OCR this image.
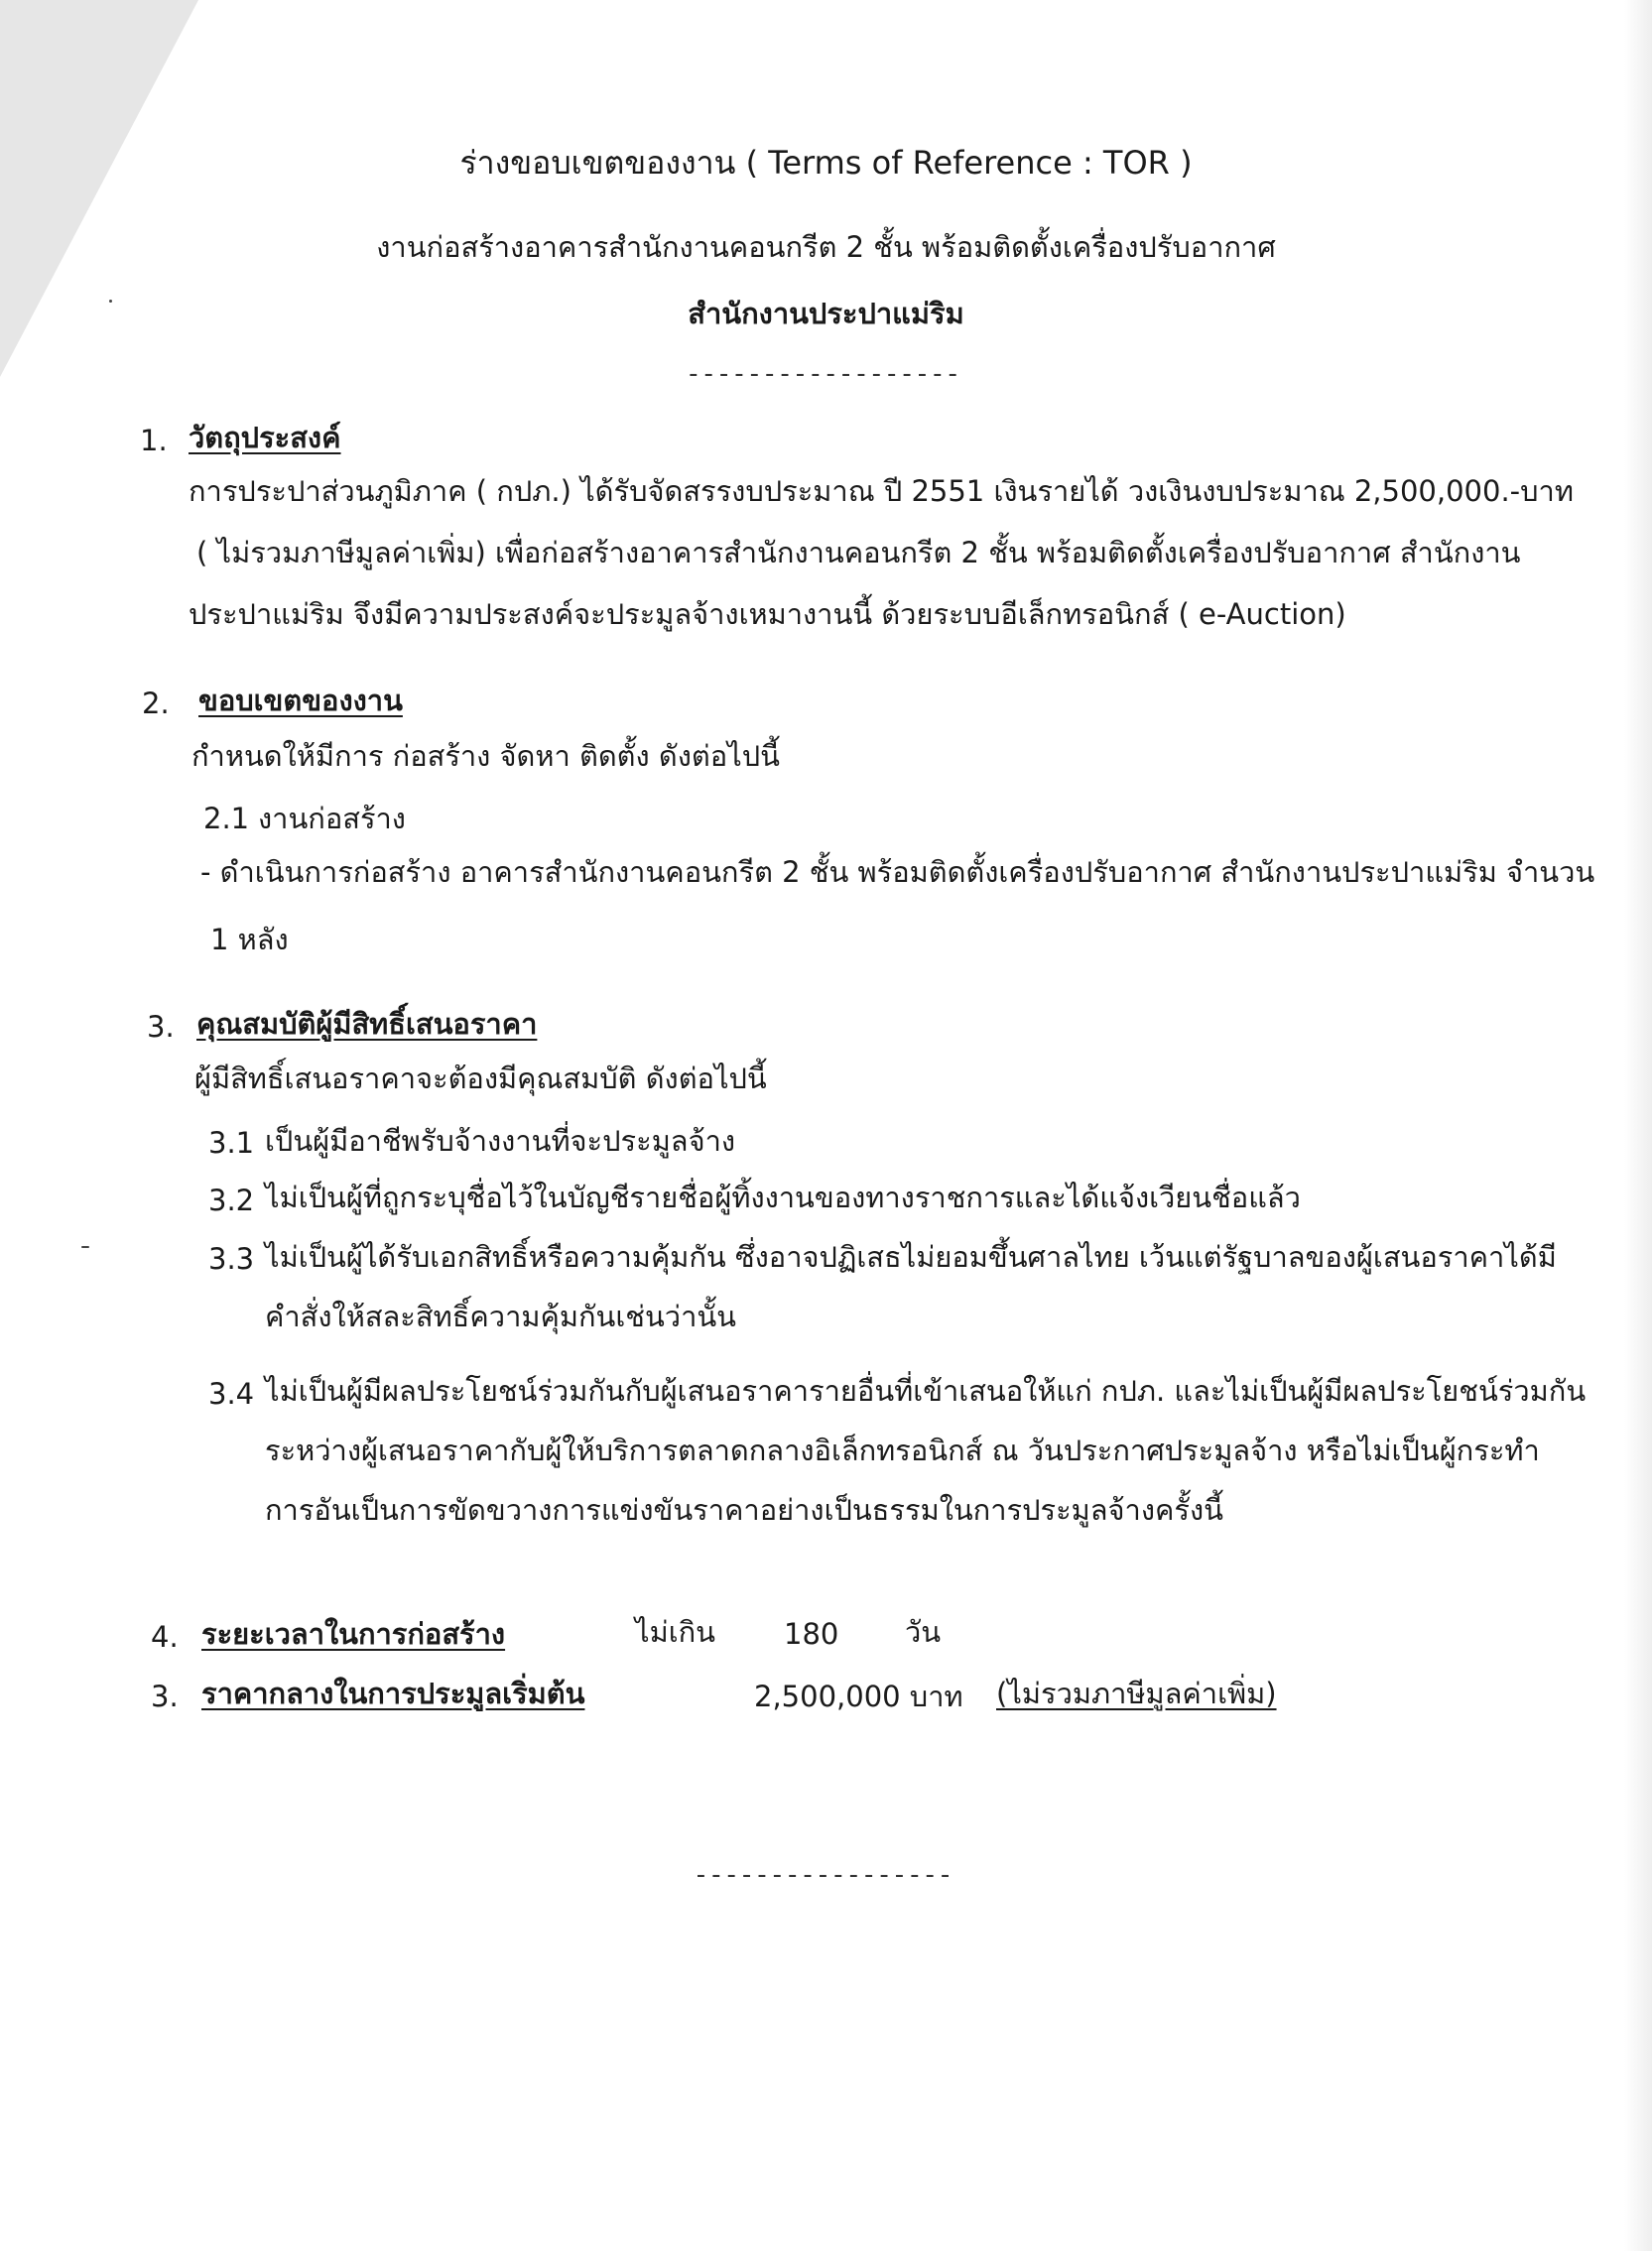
ร่างขอบเขตของงาน ( Terms of Reference : TOR )
งานก่อสร้างอาคารสำนักงานคอนกรีต 2 ชั้น พร้อมติดตั้งเครื่องปรับอากาศ
สำนักงานประปาแม่ริม
------------------
1. วัตถุประสงค์
การประปาส่วนภูมิภาค ( กปภ.) ได้รับจัดสรรงบประมาณ ปี 2551 เงินรายได้ วงเงินงบประมาณ 2,500,000.-บาท
( ไม่รวมภาษีมูลค่าเพิ่ม) เพื่อก่อสร้างอาคารสำนักงานคอนกรีต 2 ชั้น พร้อมติดตั้งเครื่องปรับอากาศ สำนักงาน
ประปาแม่ริม จึงมีความประสงค์จะประมูลจ้างเหมางานนี้ ด้วยระบบอีเล็กทรอนิกส์ ( e-Auction)
2. ขอบเขตของงาน
กำหนดให้มีการ ก่อสร้าง จัดหา ติดตั้ง ดังต่อไปนี้
2.1 งานก่อสร้าง
- ดำเนินการก่อสร้าง อาคารสำนักงานคอนกรีต 2 ชั้น พร้อมติดตั้งเครื่องปรับอากาศ สำนักงานประปาแม่ริม จำนวน
1 หลัง
3. คุณสมบัติผู้มีสิทธิ์เสนอราคา
ผู้มีสิทธิ์เสนอราคาจะต้องมีคุณสมบัติ ดังต่อไปนี้
3.1 เป็นผู้มีอาชีพรับจ้างงานที่จะประมูลจ้าง
3.2 ไม่เป็นผู้ที่ถูกระบุชื่อไว้ในบัญชีรายชื่อผู้ทิ้งงานของทางราชการและได้แจ้งเวียนชื่อแล้ว
3.3 ไม่เป็นผู้ได้รับเอกสิทธิ์หรือความคุ้มกัน ซึ่งอาจปฏิเสธไม่ยอมขึ้นศาลไทย เว้นแต่รัฐบาลของผู้เสนอราคาได้มี
คำสั่งให้สละสิทธิ์ความคุ้มกันเช่นว่านั้น
3.4 ไม่เป็นผู้มีผลประโยชน์ร่วมกันกับผู้เสนอราคารายอื่นที่เข้าเสนอให้แก่ กปภ. และไม่เป็นผู้มีผลประโยชน์ร่วมกัน
ระหว่างผู้เสนอราคากับผู้ให้บริการตลาดกลางอิเล็กทรอนิกส์ ณ วันประกาศประมูลจ้าง หรือไม่เป็นผู้กระทำ
การอันเป็นการขัดขวางการแข่งขันราคาอย่างเป็นธรรมในการประมูลจ้างครั้งนี้
4. ระยะเวลาในการก่อสร้าง	ไม่เกิน 180 วัน
3. ราคากลางในการประมูลเริ่มต้น	2,500,000 บาท (ไม่รวมภาษีมูลค่าเพิ่ม)
-----------------
